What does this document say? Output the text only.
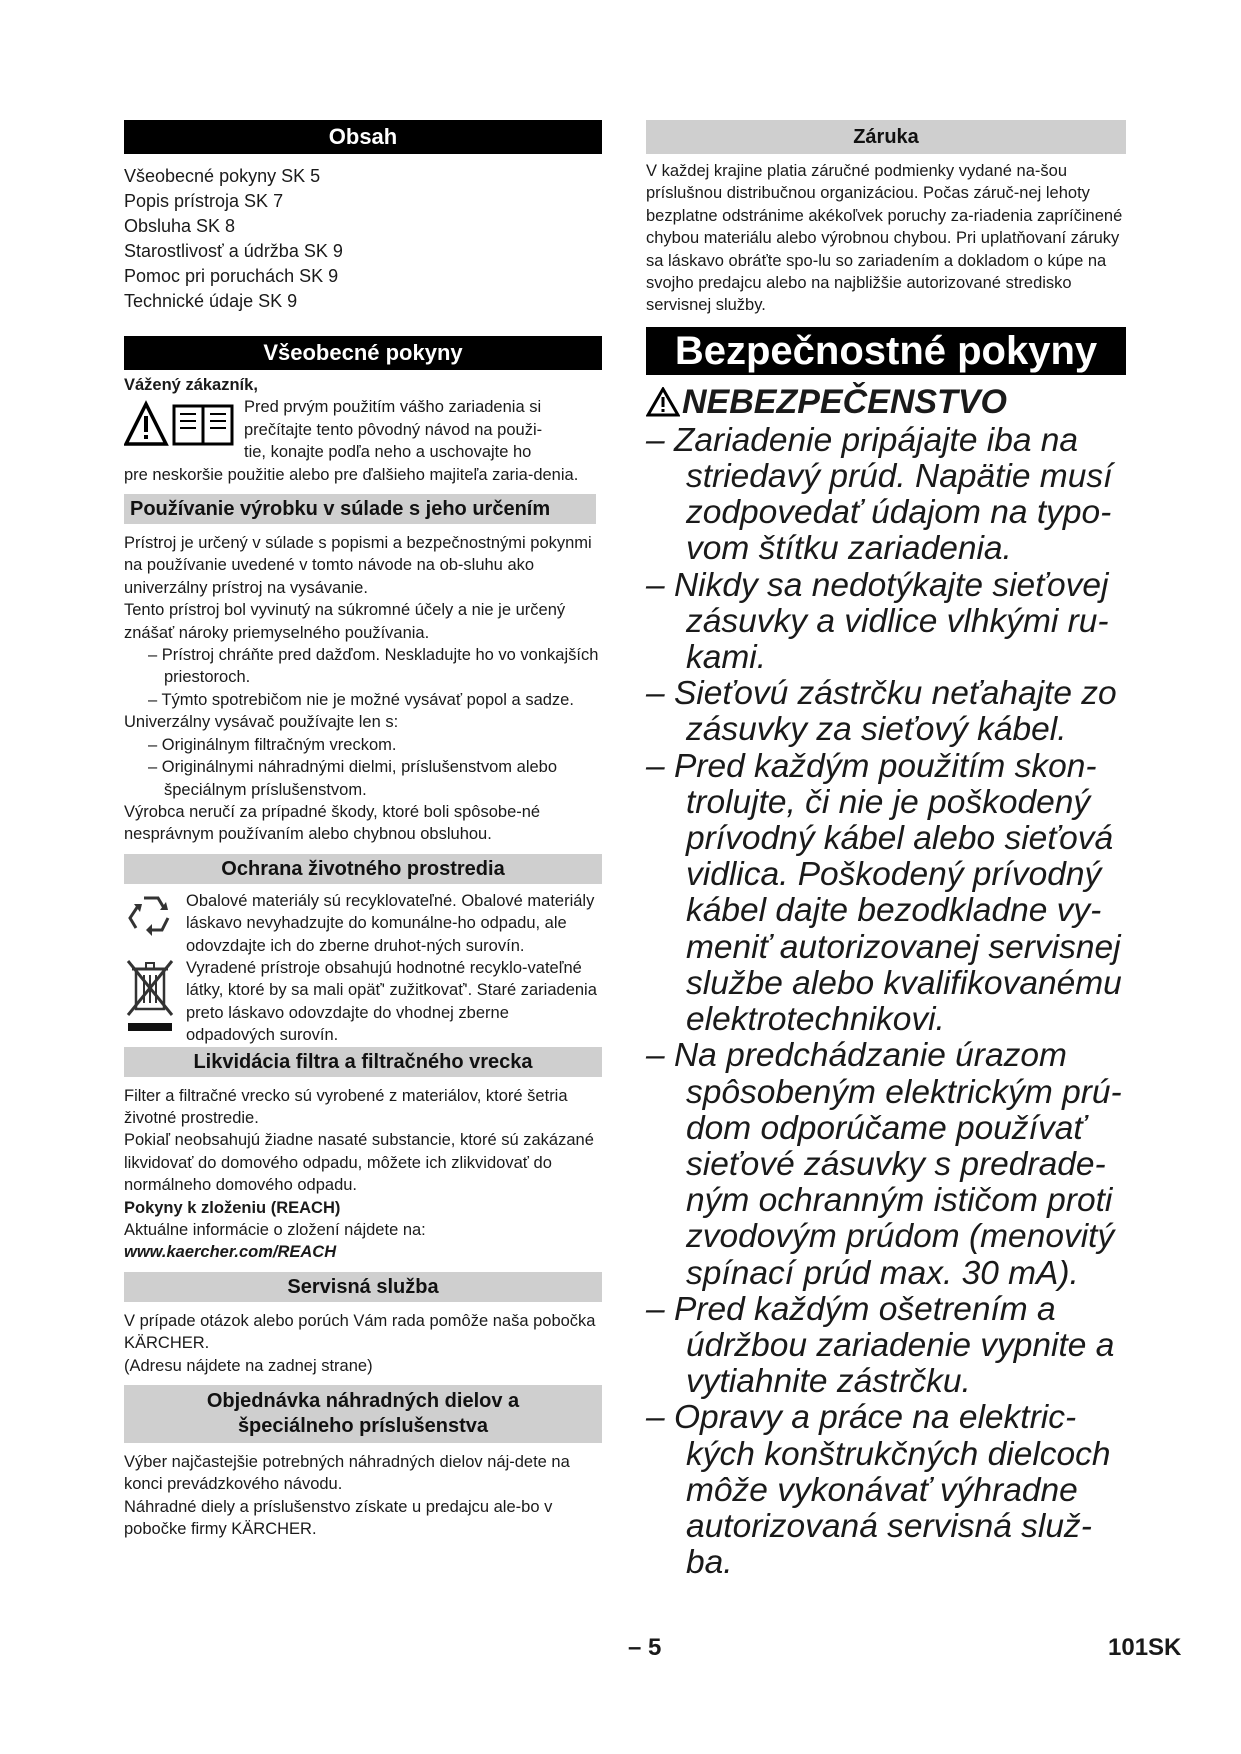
Obsah

Všeobecné pokyny SK 5

Popis prístroja SK 7

Obsluha SK 8

Starostlivosť a údržba SK 9

Pomoc pri poruchách SK 9

Technické údaje SK 9

Všeobecné pokyny

Vážený zákazník,

Pred prvým použitím vášho zariadenia si

prečítajte tento pôvodný návod na použi-

tie, konajte podľa neho a uschovajte ho

pre neskoršie použitie alebo pre ďalšieho majiteľa zaria-denia.

Používanie výrobku v súlade s jeho určením

Prístroj je určený v súlade s popismi a bezpečnostnými pokynmi na používanie uvedené v tomto návode na ob-sluhu ako univerzálny prístroj na vysávanie.

Tento prístroj bol vyvinutý na súkromné účely a nie je určený znášať nároky priemyselného používania.

– Prístroj chráňte pred dažďom. Neskladujte ho vo vonkajších priestoroch.

– Týmto spotrebičom nie je možné vysávať popol a sadze.

Univerzálny vysávač používajte len s:

– Originálnym filtračným vreckom.

– Originálnymi náhradnými dielmi, príslušenstvom alebo špeciálnym príslušenstvom.

Výrobca neručí za prípadné škody, ktoré boli spôsobe-né nesprávnym používaním alebo chybnou obsluhou.

Ochrana životného prostredia

Obalové materiály sú recyklovateľné. Obalové materiály láskavo nevyhadzujte do komunálne-ho odpadu, ale odovzdajte ich do zberne druhot-ných surovín.

Vyradené prístroje obsahujú hodnotné recyklo-vateľné látky, ktoré by sa mali opäť' zužitkovať'. Staré zariadenia preto láskavo odovzdajte do vhodnej zberne odpadových surovín.

Likvidácia filtra a filtračného vrecka

Filter a filtračné vrecko sú vyrobené z materiálov, ktoré šetria životné prostredie.

Pokiaľ neobsahujú žiadne nasaté substancie, ktoré sú zakázané likvidovať do domového odpadu, môžete ich zlikvidovať do normálneho domového odpadu.

Pokyny k zloženiu (REACH)

Aktuálne informácie o zložení nájdete na:

www.kaercher.com/REACH

Servisná služba

V prípade otázok alebo porúch Vám rada pomôže naša pobočka KÄRCHER.

(Adresu nájdete na zadnej strane)

Objednávka náhradných dielov a
špeciálneho príslušenstva

Výber najčastejšie potrebných náhradných dielov náj-dete na konci prevádzkového návodu.

Náhradné diely a príslušenstvo získate u predajcu ale-bo v pobočke firmy KÄRCHER.

Záruka

V každej krajine platia záručné podmienky vydané na-šou príslušnou distribučnou organizáciou. Počas záruč-nej lehoty bezplatne odstránime akékoľvek poruchy za-riadenia zapríčinené chybou materiálu alebo výrobnou chybou. Pri uplatňovaní záruky sa láskavo obráťte spo-lu so zariadením a dokladom o kúpe na svojho predajcu alebo na najbližšie autorizované stredisko servisnej služby.

Bezpečnostné pokyny
NEBEZPEČENSTVO

– Zariadenie pripájajte iba na striedavý prúd. Napätie musí zodpovedať údajom na typo-vom štítku zariadenia.

– Nikdy sa nedotýkajte sieťovej zásuvky a vidlice vlhkými ru-kami.

– Sieťovú zástrčku neťahajte zo zásuvky za sieťový kábel.

– Pred každým použitím skon-trolujte, či nie je poškodený prívodný kábel alebo sieťová vidlica. Poškodený prívodný kábel dajte bezodkladne vy-meniť autorizovanej servisnej službe alebo kvalifikovanému elektrotechnikovi.

– Na predchádzanie úrazom spôsobeným elektrickým prú-dom odporúčame používať sieťové zásuvky s predrade-ným ochranným ističom proti zvodovým prúdom (menovitý spínací prúd max. 30 mA).

– Pred každým ošetrením a údržbou zariadenie vypnite a vytiahnite zástrčku.

– Opravy a práce na elektric-kých konštrukčných dielcoch môže vykonávať výhradne autorizovaná servisná služ-ba.

– 5	101SK
